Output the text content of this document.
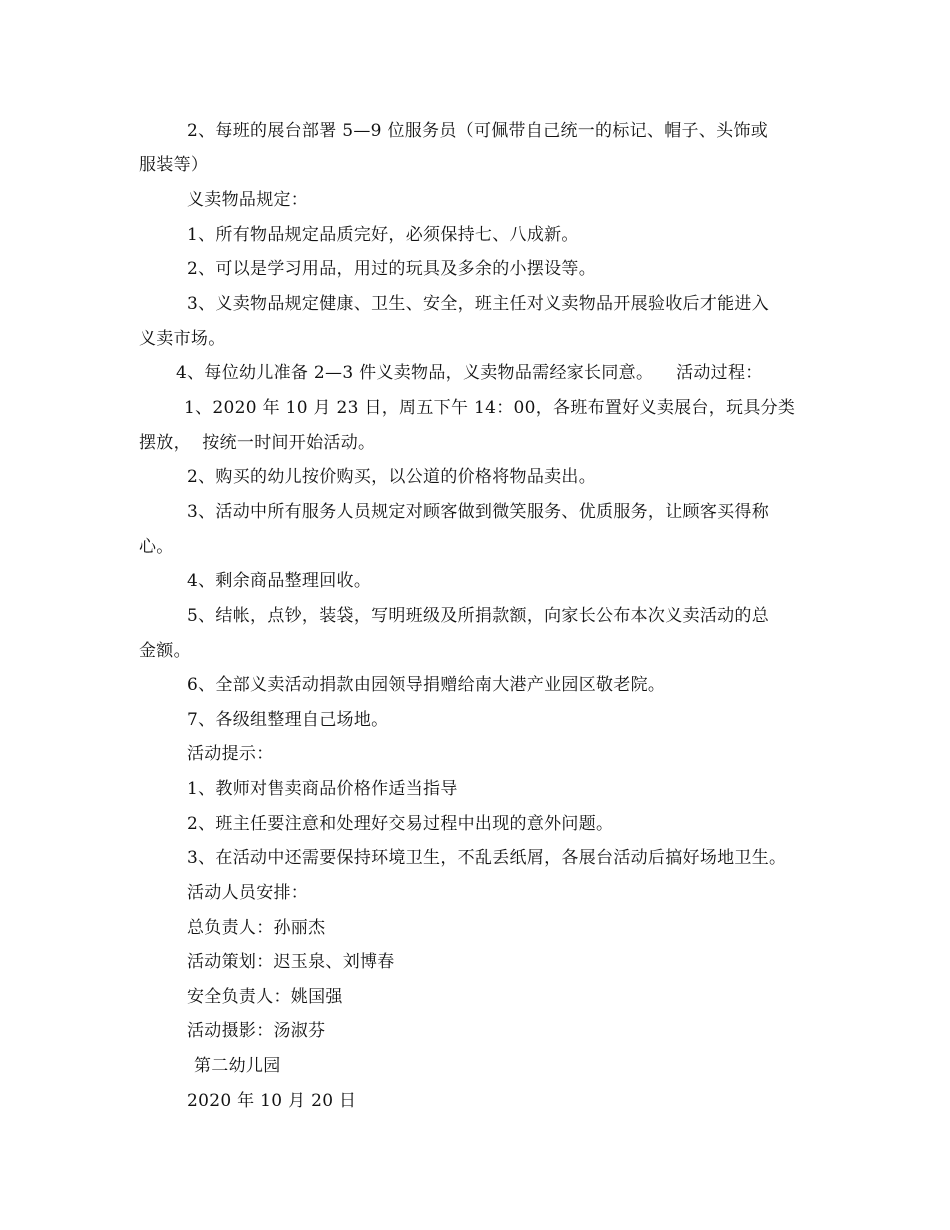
2、每班的展台部署 5—9 位服务员（可佩带自己统一的标记、帽子、头饰或
服装等）
义卖物品规定：
1、所有物品规定品质完好，必须保持七、八成新。
2、可以是学习用品，用过的玩具及多余的小摆设等。
3、义卖物品规定健康、卫生、安全，班主任对义卖物品开展验收后才能进入
义卖市场。
4、每位幼儿准备 2—3 件义卖物品，义卖物品需经家长同意。    活动过程：
1、2020 年 10 月 23 日，周五下午 14：00，各班布置好义卖展台，玩具分类
摆放，  按统一时间开始活动。
2、购买的幼儿按价购买，以公道的价格将物品卖出。
3、活动中所有服务人员规定对顾客做到微笑服务、优质服务，让顾客买得称
心。
4、剩余商品整理回收。
5、结帐，点钞，装袋，写明班级及所捐款额，向家长公布本次义卖活动的总
金额。
6、全部义卖活动捐款由园领导捐赠给南大港产业园区敬老院。
7、各级组整理自己场地。
活动提示：
1、教师对售卖商品价格作适当指导
2、班主任要注意和处理好交易过程中出现的意外问题。
3、在活动中还需要保持环境卫生，不乱丢纸屑，各展台活动后搞好场地卫生。
活动人员安排：
总负责人：孙丽杰
活动策划：迟玉泉、刘博春
安全负责人：姚国强
活动摄影：汤淑芬
第二幼儿园
2020 年 10 月 20 日
